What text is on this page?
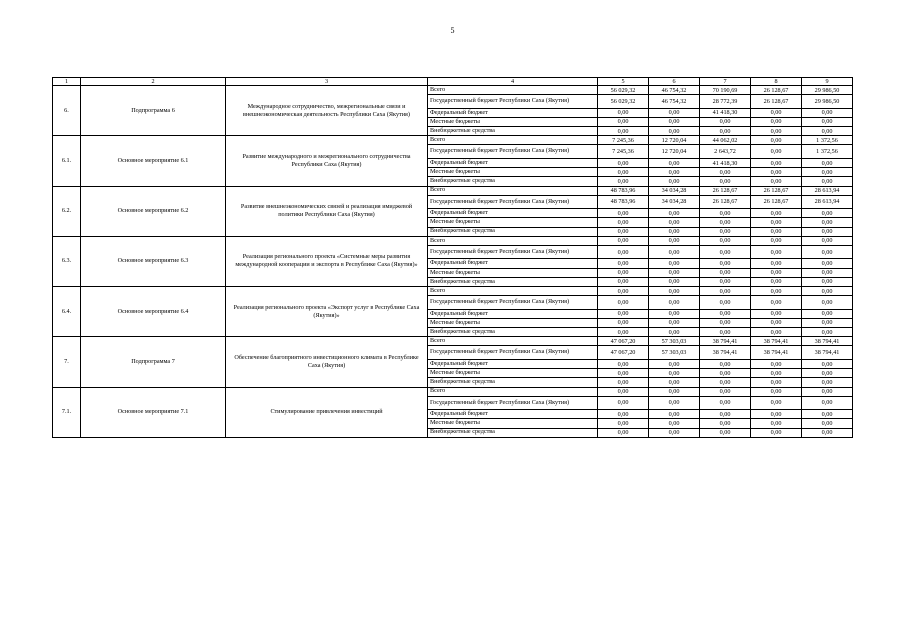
5
1	2	3	4	5	6	7	8	9
6.	Подпрограмма 6	Международное сотрудничество, межрегиональные связи и внешнеэкономическая деятельность Республики Саха (Якутия)	Всего	56 029,32	46 754,32	70 190,69	26 128,67	29 986,50
			Государственный бюджет Республики Саха (Якутия)	56 029,32	46 754,32	28 772,39	26 128,67	29 986,50
			Федеральный бюджет	0,00	0,00	41 418,30	0,00	0,00
			Местные бюджеты	0,00	0,00	0,00	0,00	0,00
			Внебюджетные средства	0,00	0,00	0,00	0,00	0,00
6.1.	Основное мероприятие 6.1	Развитие международного и межрегионального сотрудничества Республики Саха (Якутия)	Всего	7 245,36	12 720,04	44 062,02	0,00	1 372,56
			Государственный бюджет Республики Саха (Якутия)	7 245,36	12 720,04	2 643,72	0,00	1 372,56
			Федеральный бюджет	0,00	0,00	41 418,30	0,00	0,00
			Местные бюджеты	0,00	0,00	0,00	0,00	0,00
			Внебюджетные средства	0,00	0,00	0,00	0,00	0,00
6.2.	Основное мероприятие 6.2	Развитие внешнеэкономических связей и реализация имиджевой политики Республики Саха (Якутия)	Всего	48 783,96	34 034,28	26 128,67	26 128,67	28 613,94
			Государственный бюджет Республики Саха (Якутия)	48 783,96	34 034,28	26 128,67	26 128,67	28 613,94
			Федеральный бюджет	0,00	0,00	0,00	0,00	0,00
			Местные бюджеты	0,00	0,00	0,00	0,00	0,00
			Внебюджетные средства	0,00	0,00	0,00	0,00	0,00
6.3.	Основное мероприятие 6.3	Реализация регионального проекта «Системные меры развития международной кооперации и экспорта в Республике Саха (Якутия)»	Всего	0,00	0,00	0,00	0,00	0,00
			Государственный бюджет Республики Саха (Якутия)	0,00	0,00	0,00	0,00	0,00
			Федеральный бюджет	0,00	0,00	0,00	0,00	0,00
			Местные бюджеты	0,00	0,00	0,00	0,00	0,00
			Внебюджетные средства	0,00	0,00	0,00	0,00	0,00
6.4.	Основное мероприятие 6.4	Реализация регионального проекта «Экспорт услуг в Республике Саха (Якутия)»	Всего	0,00	0,00	0,00	0,00	0,00
			Государственный бюджет Республики Саха (Якутия)	0,00	0,00	0,00	0,00	0,00
			Федеральный бюджет	0,00	0,00	0,00	0,00	0,00
			Местные бюджеты	0,00	0,00	0,00	0,00	0,00
			Внебюджетные средства	0,00	0,00	0,00	0,00	0,00
7.	Подпрограмма 7	Обеспечение благоприятного инвестиционного климата в Республике Саха (Якутия)	Всего	47 067,20	57 303,03	38 794,41	38 794,41	38 794,41
			Государственный бюджет Республики Саха (Якутия)	47 067,20	57 303,03	38 794,41	38 794,41	38 794,41
			Федеральный бюджет	0,00	0,00	0,00	0,00	0,00
			Местные бюджеты	0,00	0,00	0,00	0,00	0,00
			Внебюджетные средства	0,00	0,00	0,00	0,00	0,00
7.1.	Основное мероприятие 7.1	Стимулирование привлечения инвестиций	Всего	0,00	0,00	0,00	0,00	0,00
			Государственный бюджет Республики Саха (Якутия)	0,00	0,00	0,00	0,00	0,00
			Федеральный бюджет	0,00	0,00	0,00	0,00	0,00
			Местные бюджеты	0,00	0,00	0,00	0,00	0,00
			Внебюджетные средства	0,00	0,00	0,00	0,00	0,00
